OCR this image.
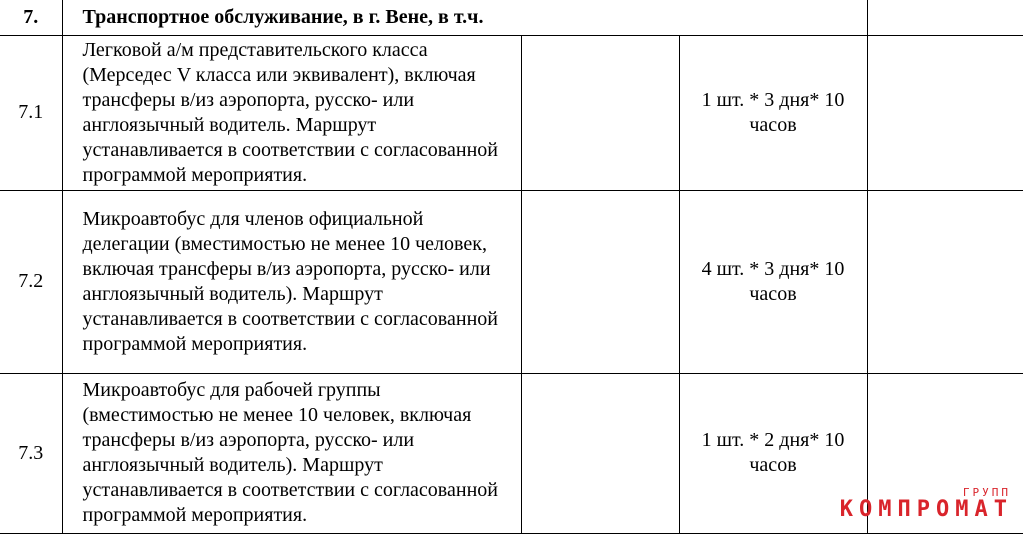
7.	Транспортное обслуживание, в г. Вене, в т.ч.			
7.1	Легковой а/м представительского класса (Мерседес V класса или эквивалент), включая трансферы в/из аэропорта, русско- или англоязычный водитель. Маршрут устанавливается в соответствии с согласованной программой мероприятия.		1 шт. * 3 дня* 10
часов	

7.2	Микроавтобус для членов официальной делегации (вместимостью не менее 10 человек, включая трансферы в/из аэропорта, русско- или англоязычный водитель). Маршрут устанавливается в соответствии с согласованной программой мероприятия.		4 шт. * 3 дня* 10
часов	

7.3	Микроавтобус для рабочей группы (вместимостью не менее 10 человек, включая трансферы в/из аэропорта, русско- или англоязычный водитель). Маршрут устанавливается в соответствии с согласованной программой мероприятия.		1 шт. * 2 дня* 10
часов	

ГРУПП
КОМПРОМАТ
